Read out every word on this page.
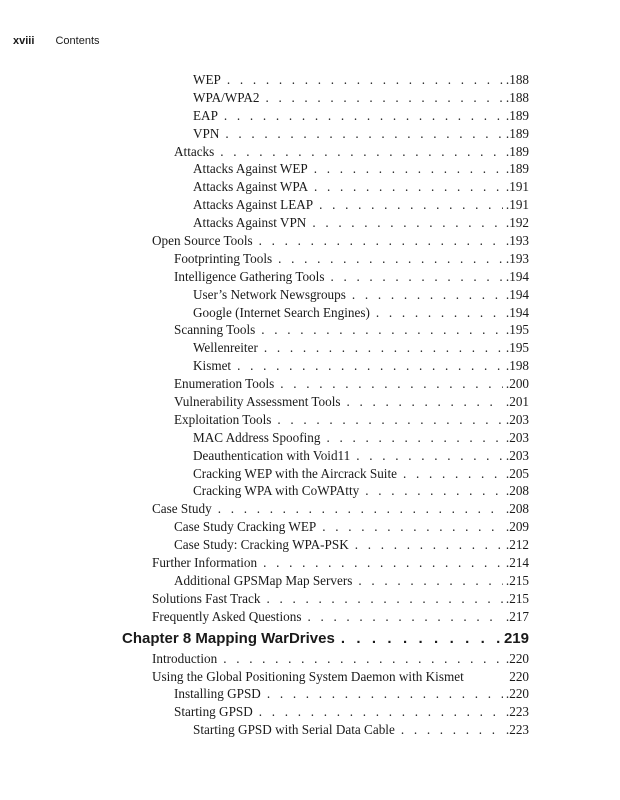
xviii Contents
WEP . . .	.188
WPA/WPA2 . . .	.188
EAP . . .	.189
VPN . . .	.189
Attacks . . .	.189
Attacks Against WEP . . .	.189
Attacks Against WPA . . .	.191
Attacks Against LEAP . . .	.191
Attacks Against VPN . . .	.192
Open Source Tools . . .	.193
Footprinting Tools . . .	.193
Intelligence Gathering Tools . . .	.194
User’s Network Newsgroups . . .	.194
Google (Internet Search Engines) . . .	.194
Scanning Tools . . .	.195
Wellenreiter . . .	.195
Kismet . . .	.198
Enumeration Tools . . .	.200
Vulnerability Assessment Tools . . .	.201
Exploitation Tools . . .	.203
MAC Address Spoofing . . .	.203
Deauthentication with Void11 . . .	.203
Cracking WEP with the Aircrack Suite . . .	.205
Cracking WPA with CoWPAtty . . .	.208
Case Study . . .	.208
Case Study Cracking WEP . . .	.209
Case Study: Cracking WPA-PSK . . .	.212
Further Information . . .	.214
Additional GPSMap Map Servers . . .	.215
Solutions Fast Track . . .	.215
Frequently Asked Questions . . .	.217
Chapter 8 Mapping WarDrives . . .	219
Introduction . . .	.220
Using the Global Positioning System Daemon with Kismet	220
Installing GPSD . . .	.220
Starting GPSD . . .	.223
Starting GPSD with Serial Data Cable . . .	.223
